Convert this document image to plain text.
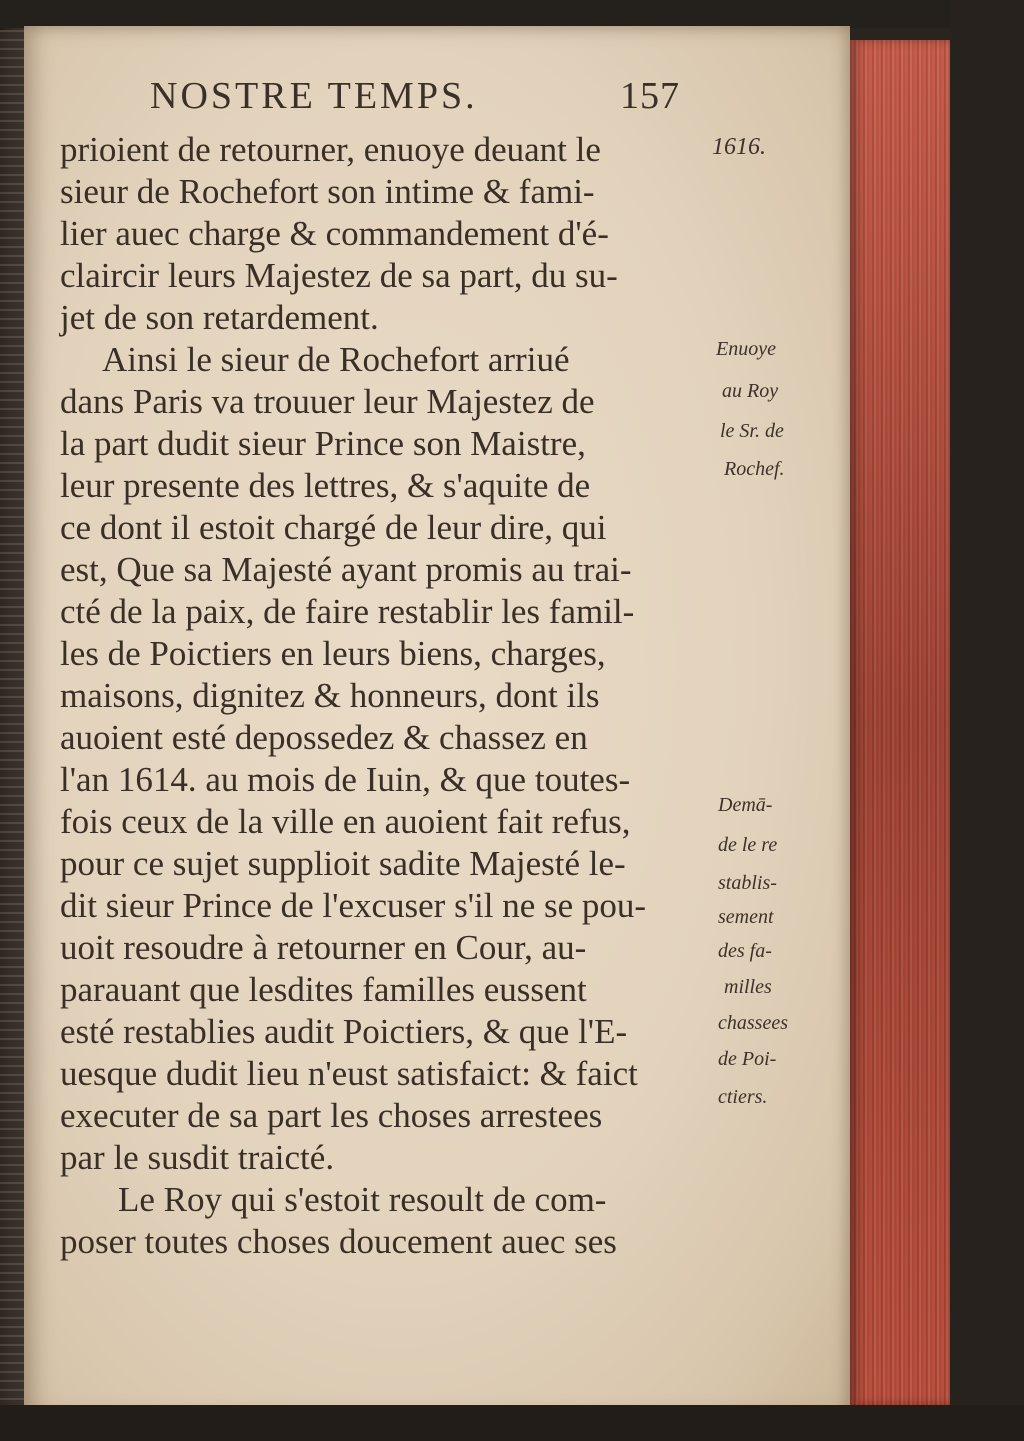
NOSTRE TEMPS.	157
1616.
prioient de retourner, enuoye deuant le
sieur de Rochefort son intime & fami-
lier auec charge & commandement d'é-
claircir leurs Majestez de sa part, du su-
jet de son retardement.
Ainsi le sieur de Rochefort arriué
dans Paris va trouuer leur Majestez de
la part dudit sieur Prince son Maistre,
leur presente des lettres, & s'aquite de
ce dont il estoit chargé de leur dire, qui
est, Que sa Majesté ayant promis au trai-
cté de la paix, de faire restablir les famil-
les de Poictiers en leurs biens, charges,
maisons, dignitez & honneurs, dont ils
auoient esté depossedez & chassez en
l'an 1614. au mois de Iuin, & que toutes-
fois ceux de la ville en auoient fait refus,
pour ce sujet supplioit sadite Majesté le-
dit sieur Prince de l'excuser s'il ne se pou-
uoit resoudre à retourner en Cour, au-
parauant que lesdites familles eussent
esté restablies audit Poictiers, & que l'E-
uesque dudit lieu n'eust satisfaict: & faict
executer de sa part les choses arrestees
par le susdit traicté.
Le Roy qui s'estoit resoult de com-
poser toutes choses doucement auec ses
Enuoye
au Roy
le Sr. de
Rochef.
Demā-
de le re
stablis-
sement
des fa-
milles
chassees
de Poi-
ctiers.
